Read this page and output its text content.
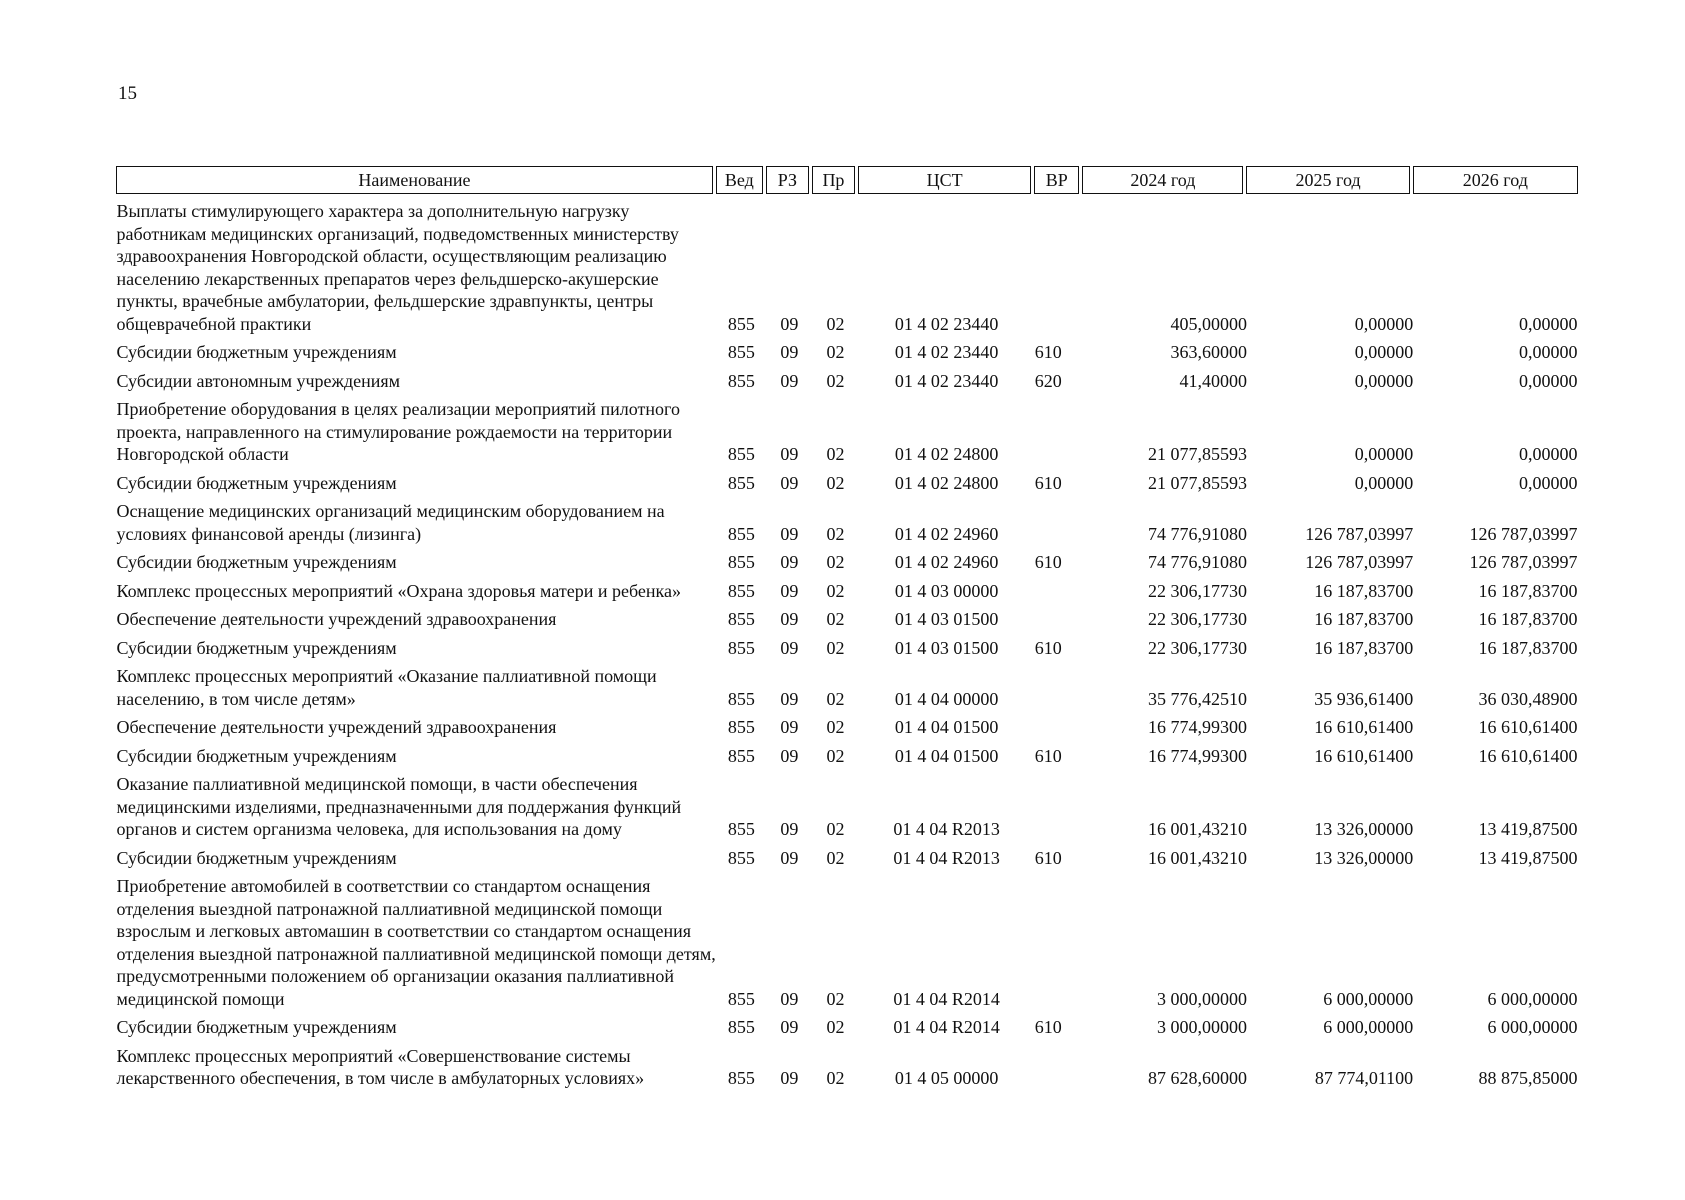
15
Наименование		Вед		РЗ		Пр		ЦСТ		ВР		2024 год		2025 год		2026 год
Выплаты стимулирующего характера за дополнительную нагрузку работникам медицинских организаций, подведомственных министерству здравоохранения Новгородской области, осуществляющим реализацию населению лекарственных препаратов через фельдшерско-акушерские пункты, врачебные амбулатории, фельдшерские здравпункты, центры общеврачебной практики		855		09		02		01 4 02 23440				405,00000		0,00000		0,00000
Субсидии бюджетным учреждениям		855		09		02		01 4 02 23440		610		363,60000		0,00000		0,00000
Субсидии автономным учреждениям		855		09		02		01 4 02 23440		620		41,40000		0,00000		0,00000
Приобретение оборудования в целях реализации мероприятий пилотного проекта, направленного на стимулирование рождаемости на территории Новгородской области		855		09		02		01 4 02 24800				21 077,85593		0,00000		0,00000
Субсидии бюджетным учреждениям		855		09		02		01 4 02 24800		610		21 077,85593		0,00000		0,00000
Оснащение медицинских организаций медицинским оборудованием на условиях финансовой аренды (лизинга)		855		09		02		01 4 02 24960				74 776,91080		126 787,03997		126 787,03997
Субсидии бюджетным учреждениям		855		09		02		01 4 02 24960		610		74 776,91080		126 787,03997		126 787,03997
Комплекс процессных мероприятий «Охрана здоровья матери и ребенка»		855		09		02		01 4 03 00000				22 306,17730		16 187,83700		16 187,83700
Обеспечение деятельности учреждений здравоохранения		855		09		02		01 4 03 01500				22 306,17730		16 187,83700		16 187,83700
Субсидии бюджетным учреждениям		855		09		02		01 4 03 01500		610		22 306,17730		16 187,83700		16 187,83700
Комплекс процессных мероприятий «Оказание паллиативной помощи населению, в том числе детям»		855		09		02		01 4 04 00000				35 776,42510		35 936,61400		36 030,48900
Обеспечение деятельности учреждений здравоохранения		855		09		02		01 4 04 01500				16 774,99300		16 610,61400		16 610,61400
Субсидии бюджетным учреждениям		855		09		02		01 4 04 01500		610		16 774,99300		16 610,61400		16 610,61400
Оказание паллиативной медицинской помощи, в части обеспечения медицинскими изделиями, предназначенными для поддержания функций органов и систем организма человека, для использования на дому		855		09		02		01 4 04 R2013				16 001,43210		13 326,00000		13 419,87500
Субсидии бюджетным учреждениям		855		09		02		01 4 04 R2013		610		16 001,43210		13 326,00000		13 419,87500
Приобретение автомобилей в соответствии со стандартом оснащения отделения выездной патронажной паллиативной медицинской помощи взрослым и легковых автомашин в соответствии со стандартом оснащения отделения выездной патронажной паллиативной медицинской помощи детям, предусмотренными положением об организации оказания паллиативной медицинской помощи		855		09		02		01 4 04 R2014				3 000,00000		6 000,00000		6 000,00000
Субсидии бюджетным учреждениям		855		09		02		01 4 04 R2014		610		3 000,00000		6 000,00000		6 000,00000
Комплекс процессных мероприятий «Совершенствование системы лекарственного обеспечения, в том числе в амбулаторных условиях»		855		09		02		01 4 05 00000				87 628,60000		87 774,01100		88 875,85000
